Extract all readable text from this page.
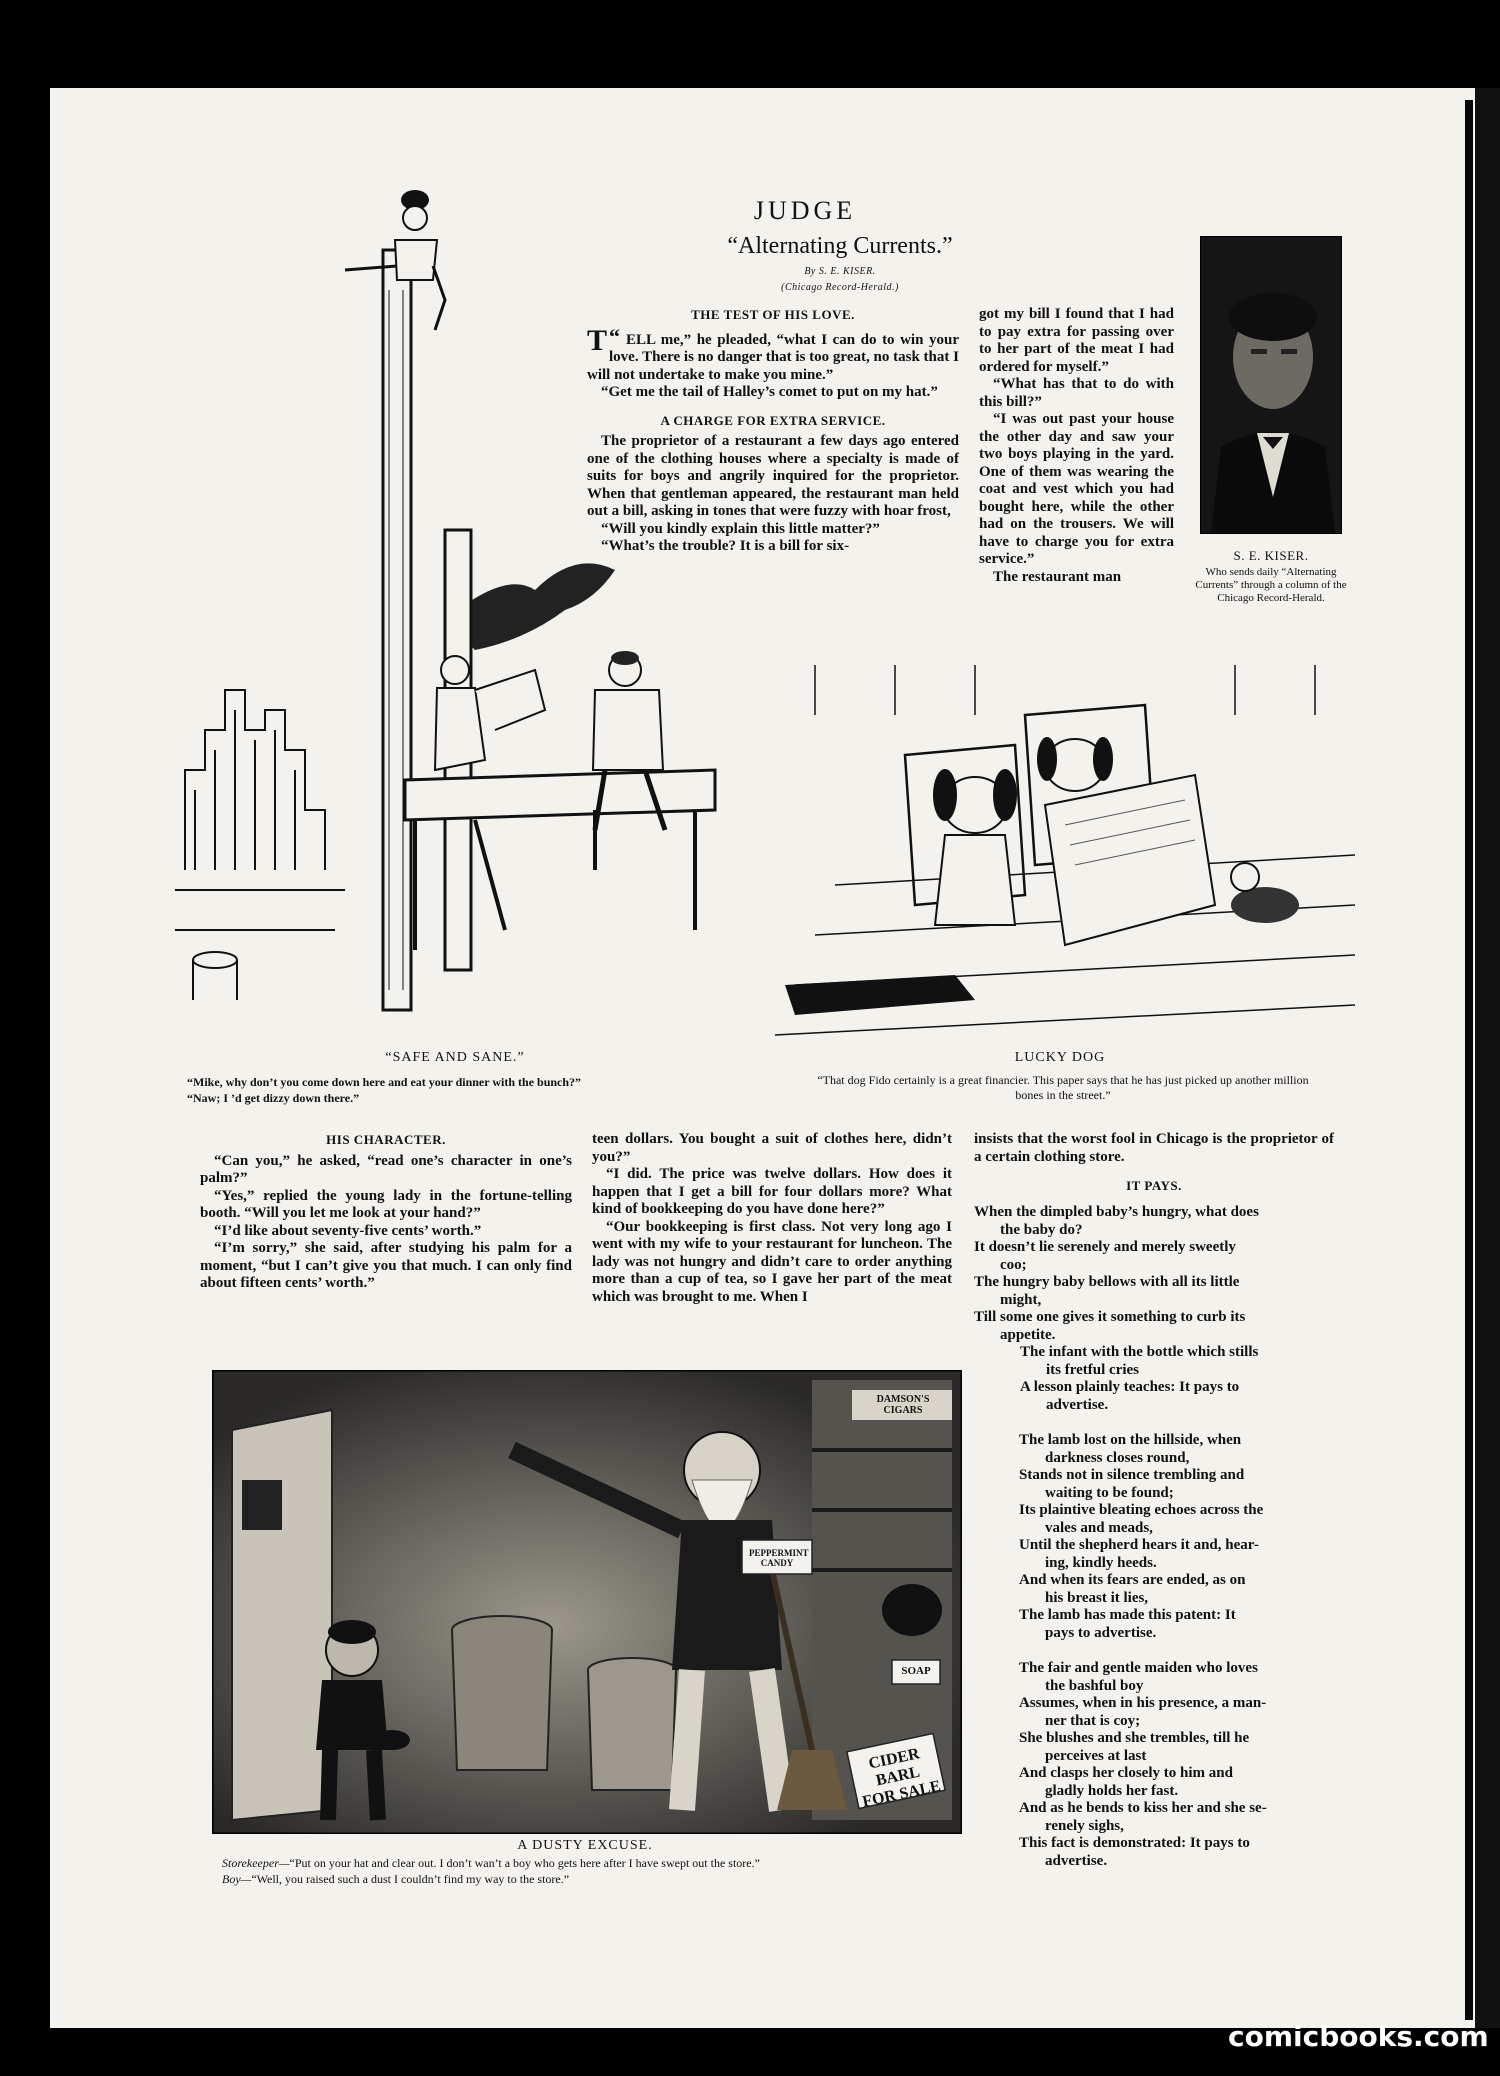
JUDGE
“Alternating Currents.”
By S. E. KISER.
(Chicago Record-Herald.)
S. E. KISER.
Who sends daily “Alternating Currents” through a column of the Chicago Record-Herald.
THE TEST OF HIS LOVE.

“
T ELL me,” he pleaded, “what I can do to win your love. There is no danger that is too great, no task that I will not undertake to make you mine.”

“Get me the tail of Halley’s comet to put on my hat.”

A CHARGE FOR EXTRA SERVICE.

The proprietor of a restaurant a few days ago entered one of the clothing houses where a specialty is made of suits for boys and angrily inquired for the proprietor. When that gentleman appeared, the restaurant man held out a bill, asking in tones that were fuzzy with hoar frost,

“Will you kindly explain this little matter?”

“What’s the trouble? It is a bill for six-

got my bill I found that I had to pay extra for passing over to her part of the meat I had ordered for myself.”

“What has that to do with this bill?”

“I was out past your house the other day and saw your two boys playing in the yard. One of them was wearing the coat and vest which you had bought here, while the other had on the trousers. We will have to charge you for extra service.”

The restaurant man

“SAFE AND SANE.”
“Mike, why don’t you come down here and eat your dinner with the bunch?”
“Naw; I ’d get dizzy down there.”
LUCKY DOG
“That dog Fido certainly is a great financier. This paper says that he has just picked up another million bones in the street.”
HIS CHARACTER.

“Can you,” he asked, “read one’s character in one’s palm?”

“Yes,” replied the young lady in the fortune-telling booth. “Will you let me look at your hand?”

“I’d like about seventy-five cents’ worth.”

“I’m sorry,” she said, after studying his palm for a moment, “but I can’t give you that much. I can only find about fifteen cents’ worth.”

teen dollars. You bought a suit of clothes here, didn’t you?”

“I did. The price was twelve dollars. How does it happen that I get a bill for four dollars more? What kind of bookkeeping do you have done here?”

“Our bookkeeping is first class. Not very long ago I went with my wife to your restaurant for luncheon. The lady was not hungry and didn’t care to order anything more than a cup of tea, so I gave her part of the meat which was brought to me. When I

insists that the worst fool in Chicago is the proprietor of a certain clothing store.

IT PAYS.
When the dimpled baby’s hungry, what does
the baby do?
It doesn’t lie serenely and merely sweetly
coo;
The hungry baby bellows with all its little
might,
Till some one gives it something to curb its
appetite.
The infant with the bottle which stills
its fretful cries
A lesson plainly teaches: It pays to
advertise.
The lamb lost on the hillside, when
darkness closes round,
Stands not in silence trembling and
waiting to be found;
Its plaintive bleating echoes across the
vales and meads,
Until the shepherd hears it and, hear-
ing, kindly heeds.
And when its fears are ended, as on
his breast it lies,
The lamb has made this patent: It
pays to advertise.
The fair and gentle maiden who loves
the bashful boy
Assumes, when in his presence, a man-
ner that is coy;
She blushes and she trembles, till he
perceives at last
And clasps her closely to him and
gladly holds her fast.
And as he bends to kiss her and she se-
renely sighs,
This fact is demonstrated: It pays to
advertise.
PEPPERMINT CANDY
SOAP
CIDER BARL FOR SALE
DAMSON'S CIGARS
A DUSTY EXCUSE.
Storekeeper—“Put on your hat and clear out. I don’t wan’t a boy who gets here after I have swept out the store.”
Boy—“Well, you raised such a dust I couldn’t find my way to the store.”
comicbooks.com
